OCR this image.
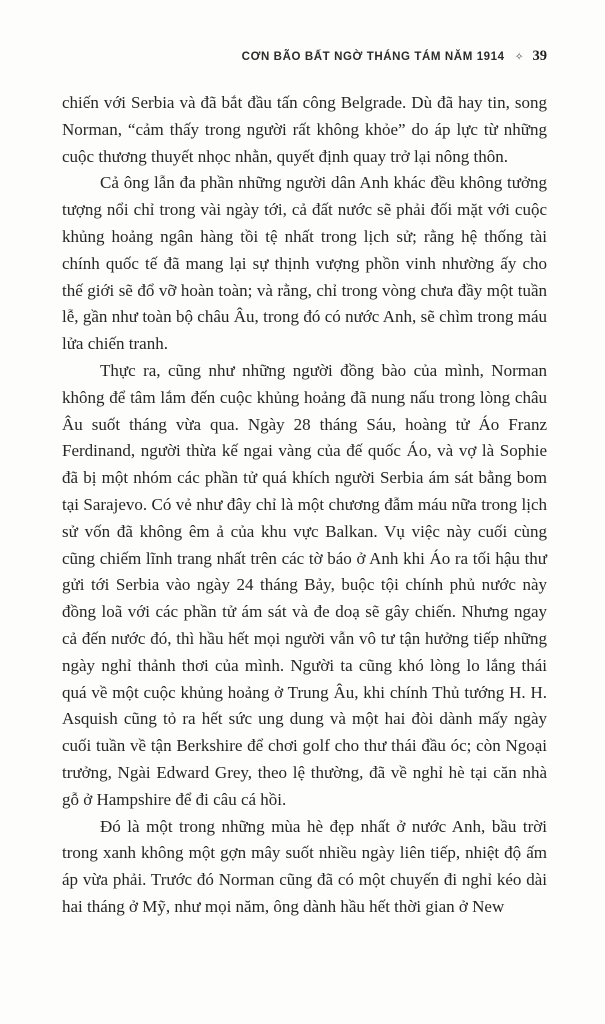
CƠN BÃO BẤT NGỜ THÁNG TÁM NĂM 1914 ✧ 39

chiến với Serbia và đã bắt đầu tấn công Belgrade. Dù đã hay tin, song Norman, “cảm thấy trong người rất không khỏe” do áp lực từ những cuộc thương thuyết nhọc nhằn, quyết định quay trở lại nông thôn.

Cả ông lẫn đa phần những người dân Anh khác đều không tưởng tượng nổi chỉ trong vài ngày tới, cả đất nước sẽ phải đối mặt với cuộc khủng hoảng ngân hàng tồi tệ nhất trong lịch sử; rằng hệ thống tài chính quốc tế đã mang lại sự thịnh vượng phồn vinh nhường ấy cho thế giới sẽ đổ vỡ hoàn toàn; và rằng, chỉ trong vòng chưa đầy một tuần lễ, gần như toàn bộ châu Âu, trong đó có nước Anh, sẽ chìm trong máu lửa chiến tranh.

Thực ra, cũng như những người đồng bào của mình, Norman không để tâm lắm đến cuộc khủng hoảng đã nung nấu trong lòng châu Âu suốt tháng vừa qua. Ngày 28 tháng Sáu, hoàng tử Áo Franz Ferdinand, người thừa kế ngai vàng của đế quốc Áo, và vợ là Sophie đã bị một nhóm các phần tử quá khích người Serbia ám sát bằng bom tại Sarajevo. Có vẻ như đây chỉ là một chương đẫm máu nữa trong lịch sử vốn đã không êm ả của khu vực Balkan. Vụ việc này cuối cùng cũng chiếm lĩnh trang nhất trên các tờ báo ở Anh khi Áo ra tối hậu thư gửi tới Serbia vào ngày 24 tháng Bảy, buộc tội chính phủ nước này đồng loã với các phần tử ám sát và đe doạ sẽ gây chiến. Nhưng ngay cả đến nước đó, thì hầu hết mọi người vẫn vô tư tận hưởng tiếp những ngày nghỉ thảnh thơi của mình. Người ta cũng khó lòng lo lắng thái quá về một cuộc khủng hoảng ở Trung Âu, khi chính Thủ tướng H. H. Asquish cũng tỏ ra hết sức ung dung và một hai đòi dành mấy ngày cuối tuần về tận Berkshire để chơi golf cho thư thái đầu óc; còn Ngoại trưởng, Ngài Edward Grey, theo lệ thường, đã về nghỉ hè tại căn nhà gỗ ở Hampshire để đi câu cá hồi.

Đó là một trong những mùa hè đẹp nhất ở nước Anh, bầu trời trong xanh không một gợn mây suốt nhiều ngày liên tiếp, nhiệt độ ấm áp vừa phải. Trước đó Norman cũng đã có một chuyến đi nghỉ kéo dài hai tháng ở Mỹ, như mọi năm, ông dành hầu hết thời gian ở New
